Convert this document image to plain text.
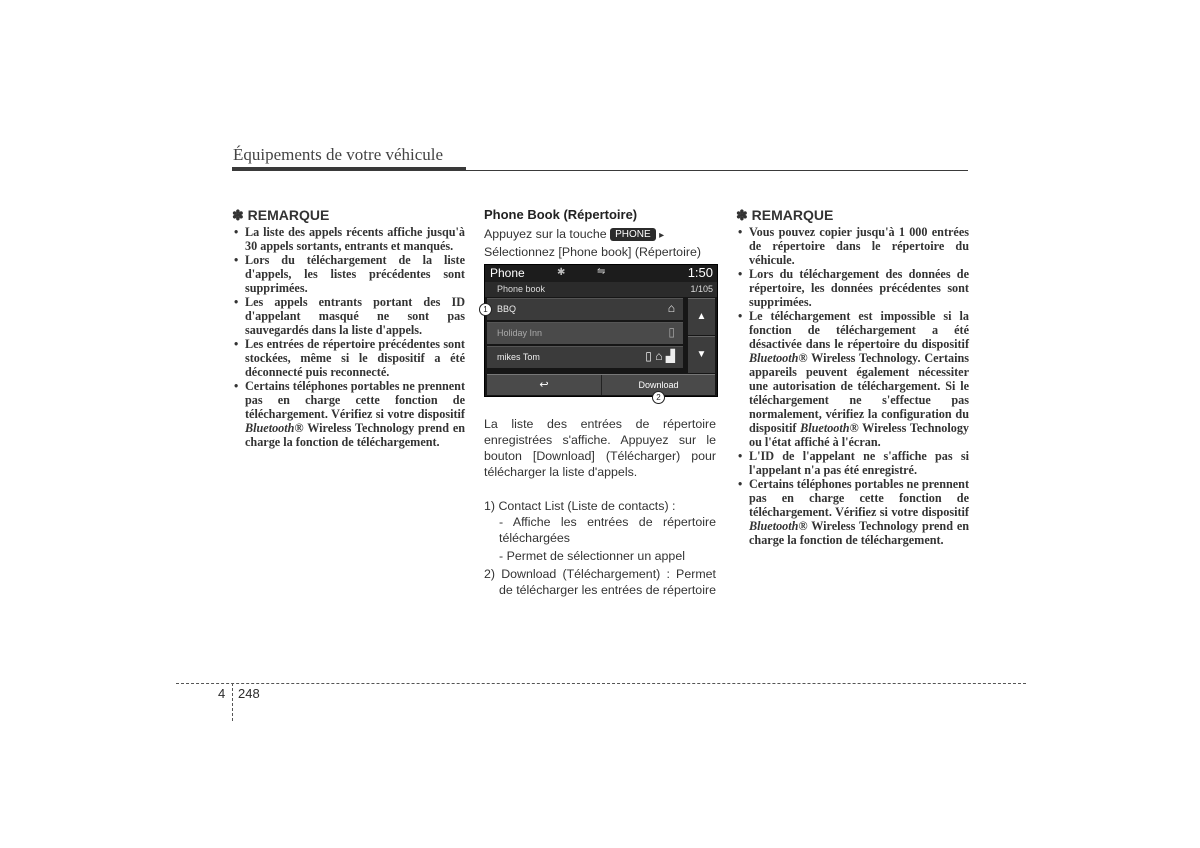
Équipements de votre véhicule
✽ REMARQUE
• La liste des appels récents affiche jusqu'à 30 appels sortants, entrants et manqués.
• Lors du téléchargement de la liste d'appels, les listes précédentes sont supprimées.
• Les appels entrants portant des ID d'appelant masqué ne sont pas sauvegardés dans la liste d'appels.
• Les entrées de répertoire précédentes sont stockées, même si le dispositif a été déconnecté puis reconnecté.
• Certains téléphones portables ne prennent pas en charge cette fonction de téléchargement. Vérifiez si votre dispositif Bluetooth® Wireless Technology prend en charge la fonction de téléchargement.
Phone Book (Répertoire)

Appuyez sur la touche PHONE ▸
Sélectionnez [Phone book] (Répertoire)

Phone	✱	⇋	1:50
Phone book	1/105
BBQ	⌂
Holiday Inn	▯
mikes Tom	▯ ⌂ ▟
▲
▼
↩	Download
1
2

La liste des entrées de répertoire enregistrées s'affiche. Appuyez sur le bouton [Download] (Télécharger) pour télécharger la liste d'appels.

1) Contact List (Liste de contacts) :
- Affiche les entrées de répertoire téléchargées
- Permet de sélectionner un appel
2) Download (Téléchargement) : Permet de télécharger les entrées de répertoire
✽ REMARQUE
• Vous pouvez copier jusqu'à 1 000 entrées de répertoire dans le répertoire du véhicule.
• Lors du téléchargement des données de répertoire, les données précédentes sont supprimées.
• Le téléchargement est impossible si la fonction de téléchargement a été désactivée dans le répertoire du dispositif Bluetooth® Wireless Technology. Certains appareils peuvent également nécessiter une autorisation de téléchargement. Si le téléchargement ne s'effectue pas normalement, vérifiez la configuration du dispositif Bluetooth® Wireless Technology ou l'état affiché à l'écran.
• L'ID de l'appelant ne s'affiche pas si l'appelant n'a pas été enregistré.
• Certains téléphones portables ne prennent pas en charge cette fonction de téléchargement. Vérifiez si votre dispositif Bluetooth® Wireless Technology prend en charge la fonction de téléchargement.
4 248
